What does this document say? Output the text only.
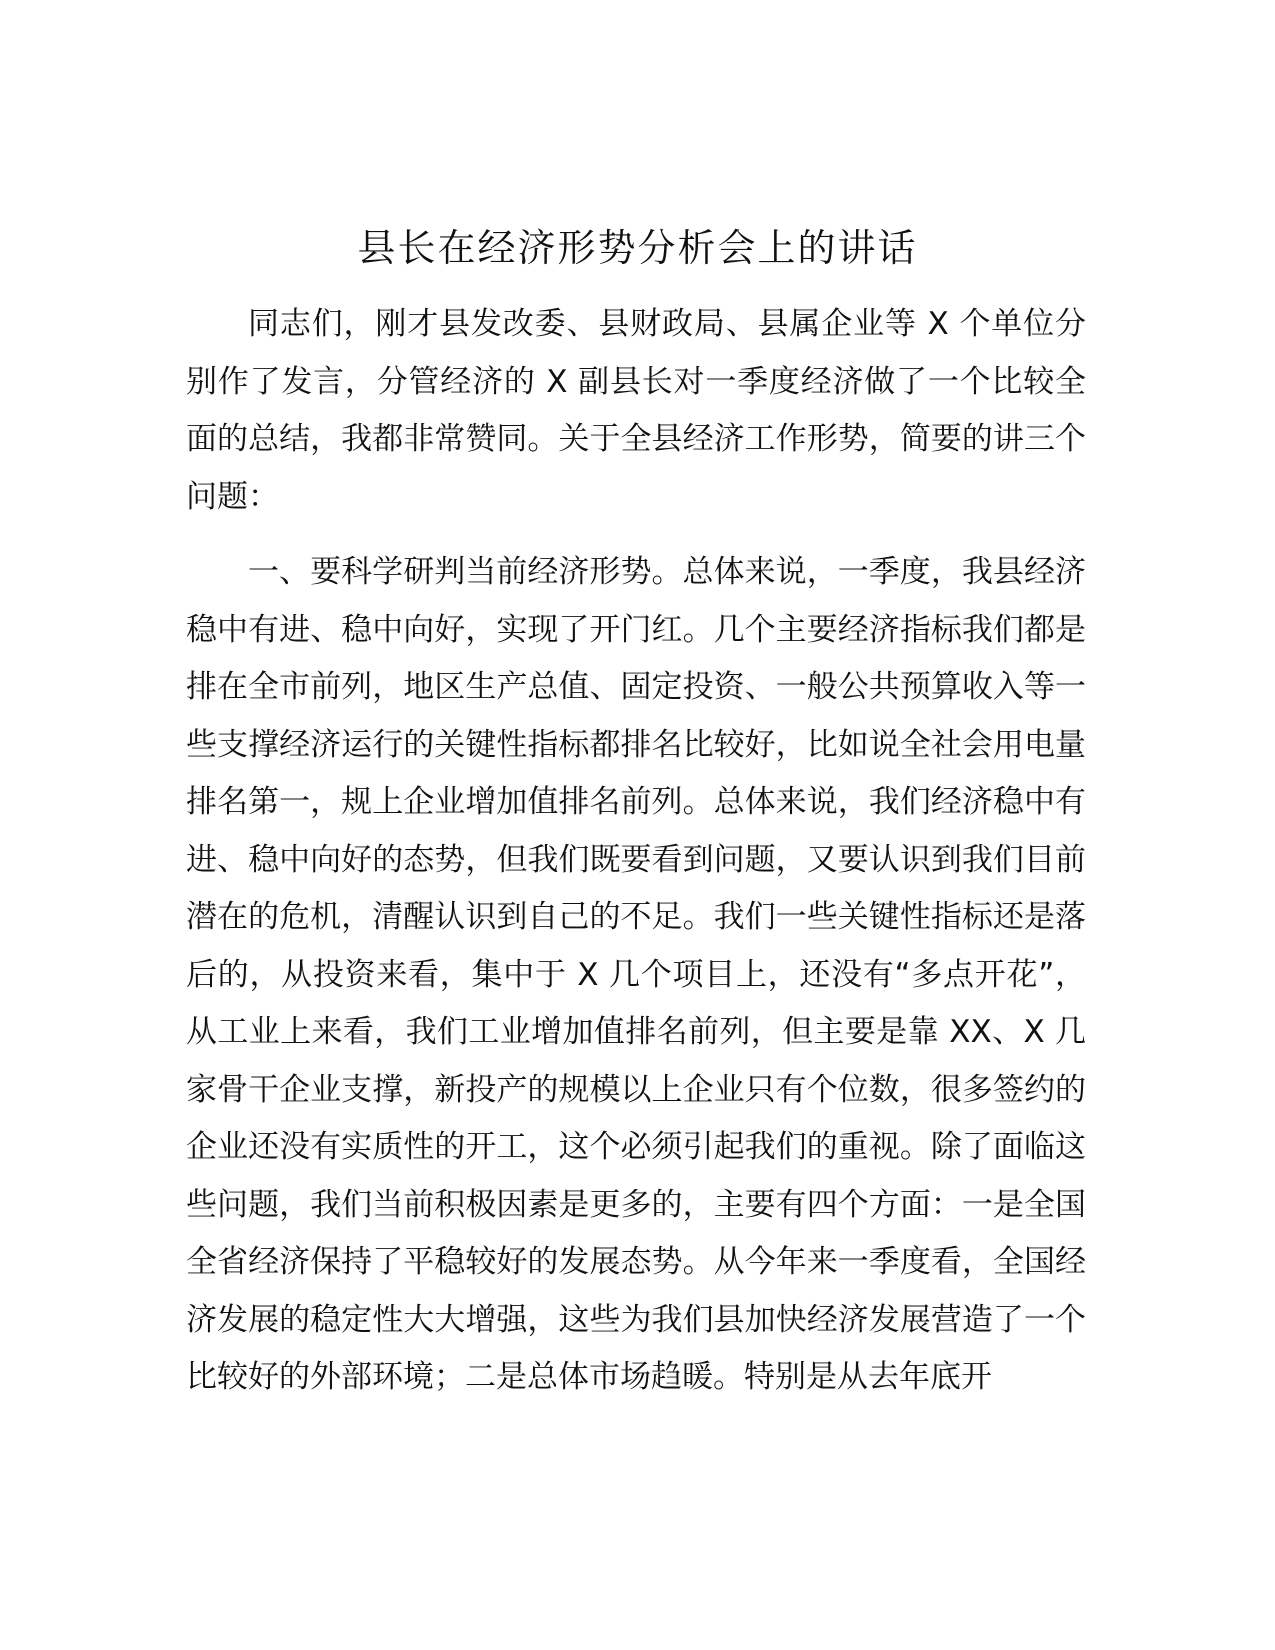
县长在经济形势分析会上的讲话

同志们，刚才县发改委、县财政局、县属企业等 X 个单位分别作了发言，分管经济的 X 副县长对一季度经济做了一个比较全面的总结，我都非常赞同。关于全县经济工作形势，简要的讲三个问题：

一、要科学研判当前经济形势。总体来说，一季度，我县经济稳中有进、稳中向好，实现了开门红。几个主要经济指标我们都是排在全市前列，地区生产总值、固定投资、一般公共预算收入等一些支撑经济运行的关键性指标都排名比较好，比如说全社会用电量排名第一，规上企业增加值排名前列。总体来说，我们经济稳中有进、稳中向好的态势，但我们既要看到问题，又要认识到我们目前潜在的危机，清醒认识到自己的不足。我们一些关键性指标还是落后的，从投资来看，集中于 X 几个项目上，还没有“多点开花”，从工业上来看，我们工业增加值排名前列，但主要是靠 XX、X 几家骨干企业支撑，新投产的规模以上企业只有个位数，很多签约的企业还没有实质性的开工，这个必须引起我们的重视。除了面临这些问题，我们当前积极因素是更多的，主要有四个方面：一是全国全省经济保持了平稳较好的发展态势。从今年来一季度看，全国经济发展的稳定性大大增强，这些为我们县加快经济发展营造了一个比较好的外部环境；二是总体市场趋暖。特别是从去年底开
